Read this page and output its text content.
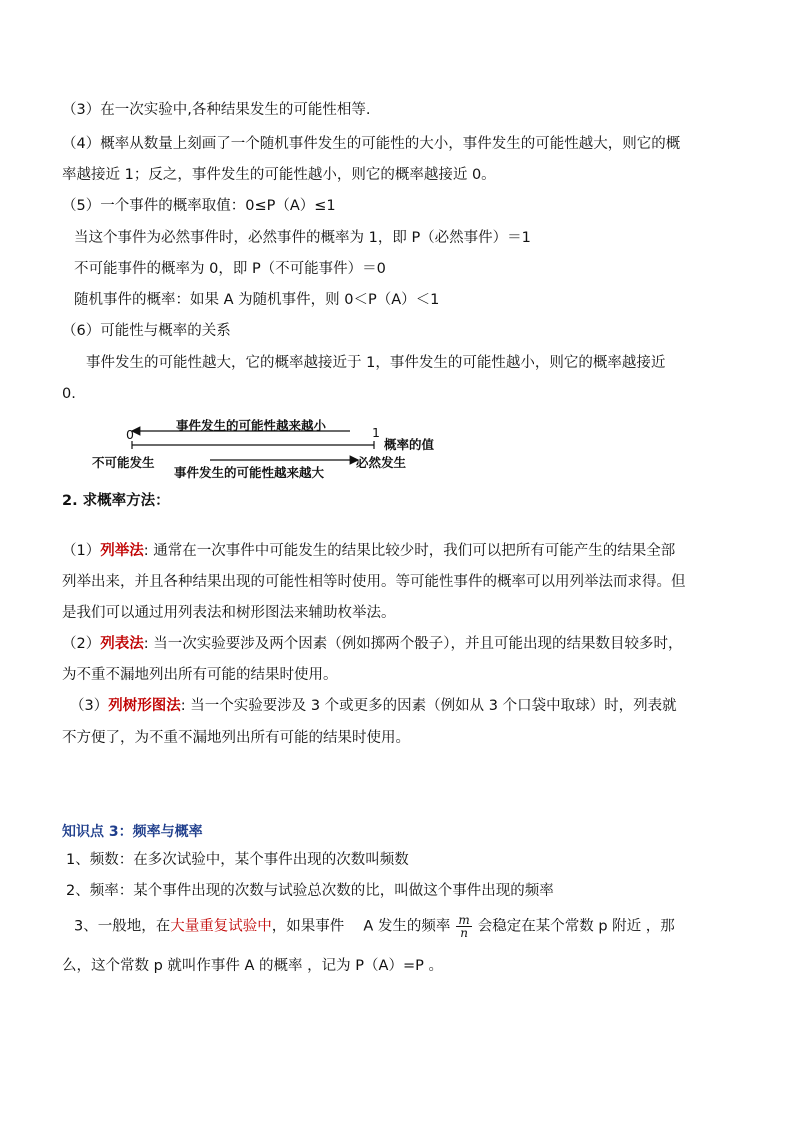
（3）在一次实验中,各种结果发生的可能性相等.
（4）概率从数量上刻画了一个随机事件发生的可能性的大小，事件发生的可能性越大，则它的概
率越接近 1；反之，事件发生的可能性越小，则它的概率越接近 0。
（5）一个事件的概率取值：0≤P（A）≤1
当这个事件为必然事件时，必然事件的概率为 1，即 P（必然事件）＝1
不可能事件的概率为 0，即 P（不可能事件）＝0
随机事件的概率：如果 A 为随机事件，则 0＜P（A）＜1
（6）可能性与概率的关系
事件发生的可能性越大，它的概率越接近于 1，事件发生的可能性越小，则它的概率越接近
0.
0	1
事件发生的可能性越来越小
事件发生的可能性越来越大
概率的值
不可能发生	必然发生
2. 求概率方法：
（1）列举法: 通常在一次事件中可能发生的结果比较少时，我们可以把所有可能产生的结果全部
列举出来，并且各种结果出现的可能性相等时使用。等可能性事件的概率可以用列举法而求得。但
是我们可以通过用列表法和树形图法来辅助枚举法。
（2）列表法: 当一次实验要涉及两个因素（例如掷两个骰子），并且可能出现的结果数目较多时，
为不重不漏地列出所有可能的结果时使用。
（3）列树形图法: 当一个实验要涉及 3 个或更多的因素（例如从 3 个口袋中取球）时，列表就
不方便了，为不重不漏地列出所有可能的结果时使用。
知识点 3：频率与概率
1、频数：在多次试验中，某个事件出现的次数叫频数
2、频率：某个事件出现的次数与试验总次数的比，叫做这个事件出现的频率
3、一般地，在大量重复试验中，如果事件　 A 发生的频率 $\frac{m}{n}$ 会稳定在某个常数 p 附近 ，那
么，这个常数 p 就叫作事件 A 的概率 ，记为 P（A）=P 。
